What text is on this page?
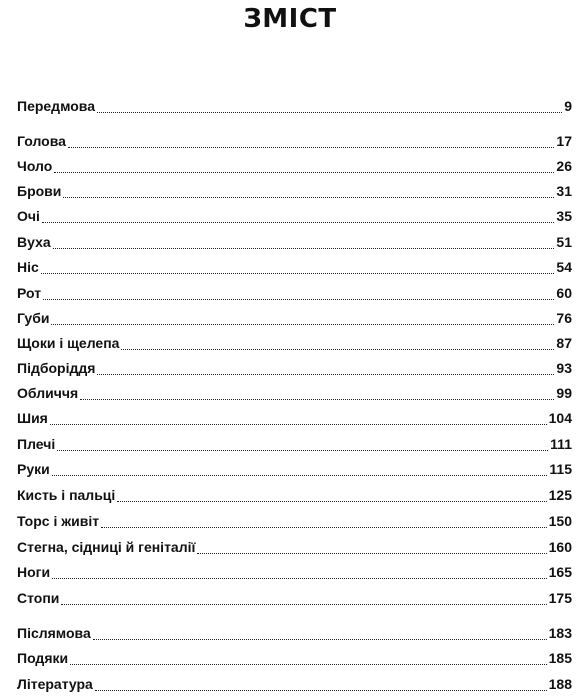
ЗМІСТ
Передмова	9
Голова	17
Чоло	26
Брови	31
Очі	35
Вуха	51
Ніс	54
Рот	60
Губи	76
Щоки і щелепа	87
Підборіддя	93
Обличчя	99
Шия	104
Плечі	111
Руки	115
Кисть і пальці	125
Торс і живіт	150
Стегна, сідниці й геніталії	160
Ноги	165
Стопи	175
Післямова	183
Подяки	185
Література	188
